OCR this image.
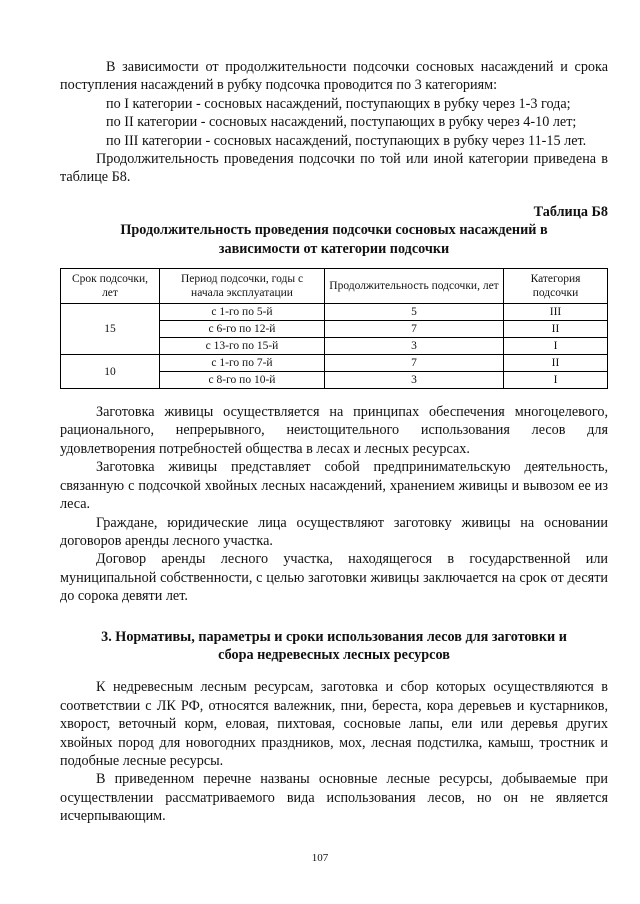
В зависимости от продолжительности подсочки сосновых насаждений и срока поступления насаждений в рубку подсочка проводится по 3 категориям:

по I категории - сосновых насаждений, поступающих в рубку через 1-3 года;

по II категории - сосновых насаждений, поступающих в рубку через 4-10 лет;

по III категории - сосновых насаждений, поступающих в рубку через 11-15 лет.

Продолжительность проведения подсочки по той или иной категории приведена в таблице Б8.

Таблица Б8
Продолжительность проведения подсочки сосновых насаждений в зависимости от категории подсочки
Срок подсочки, лет	Период подсочки, годы с начала эксплуатации	Продолжительность подсочки, лет	Категория подсочки
15	с 1-го по 5-й	5	III
	с 6-го по 12-й	7	II
	с 13-го по 15-й	3	I
10	с 1-го по 7-й	7	II
	с 8-го по 10-й	3	I

Заготовка живицы осуществляется на принципах обеспечения многоцелевого, рационального, непрерывного, неистощительного использования лесов для удовлетворения потребностей общества в лесах и лесных ресурсах.

Заготовка живицы представляет собой предпринимательскую деятельность, связанную с подсочкой хвойных лесных насаждений, хранением живицы и вывозом ее из леса.

Граждане, юридические лица осуществляют заготовку живицы на основании договоров аренды лесного участка.

Договор аренды лесного участка, находящегося в государственной или муниципальной собственности, с целью заготовки живицы заключается на срок от десяти до сорока девяти лет.

3. Нормативы, параметры и сроки использования лесов для заготовки и сбора недревесных лесных ресурсов

К недревесным лесным ресурсам, заготовка и сбор которых осуществляются в соответствии с ЛК РФ, относятся валежник, пни, береста, кора деревьев и кустарников, хворост, веточный корм, еловая, пихтовая, сосновые лапы, ели или деревья других хвойных пород для новогодних праздников, мох, лесная подстилка, камыш, тростник и подобные лесные ресурсы.

В приведенном перечне названы основные лесные ресурсы, добываемые при осуществлении рассматриваемого вида использования лесов, но он не является исчерпывающим.

107
